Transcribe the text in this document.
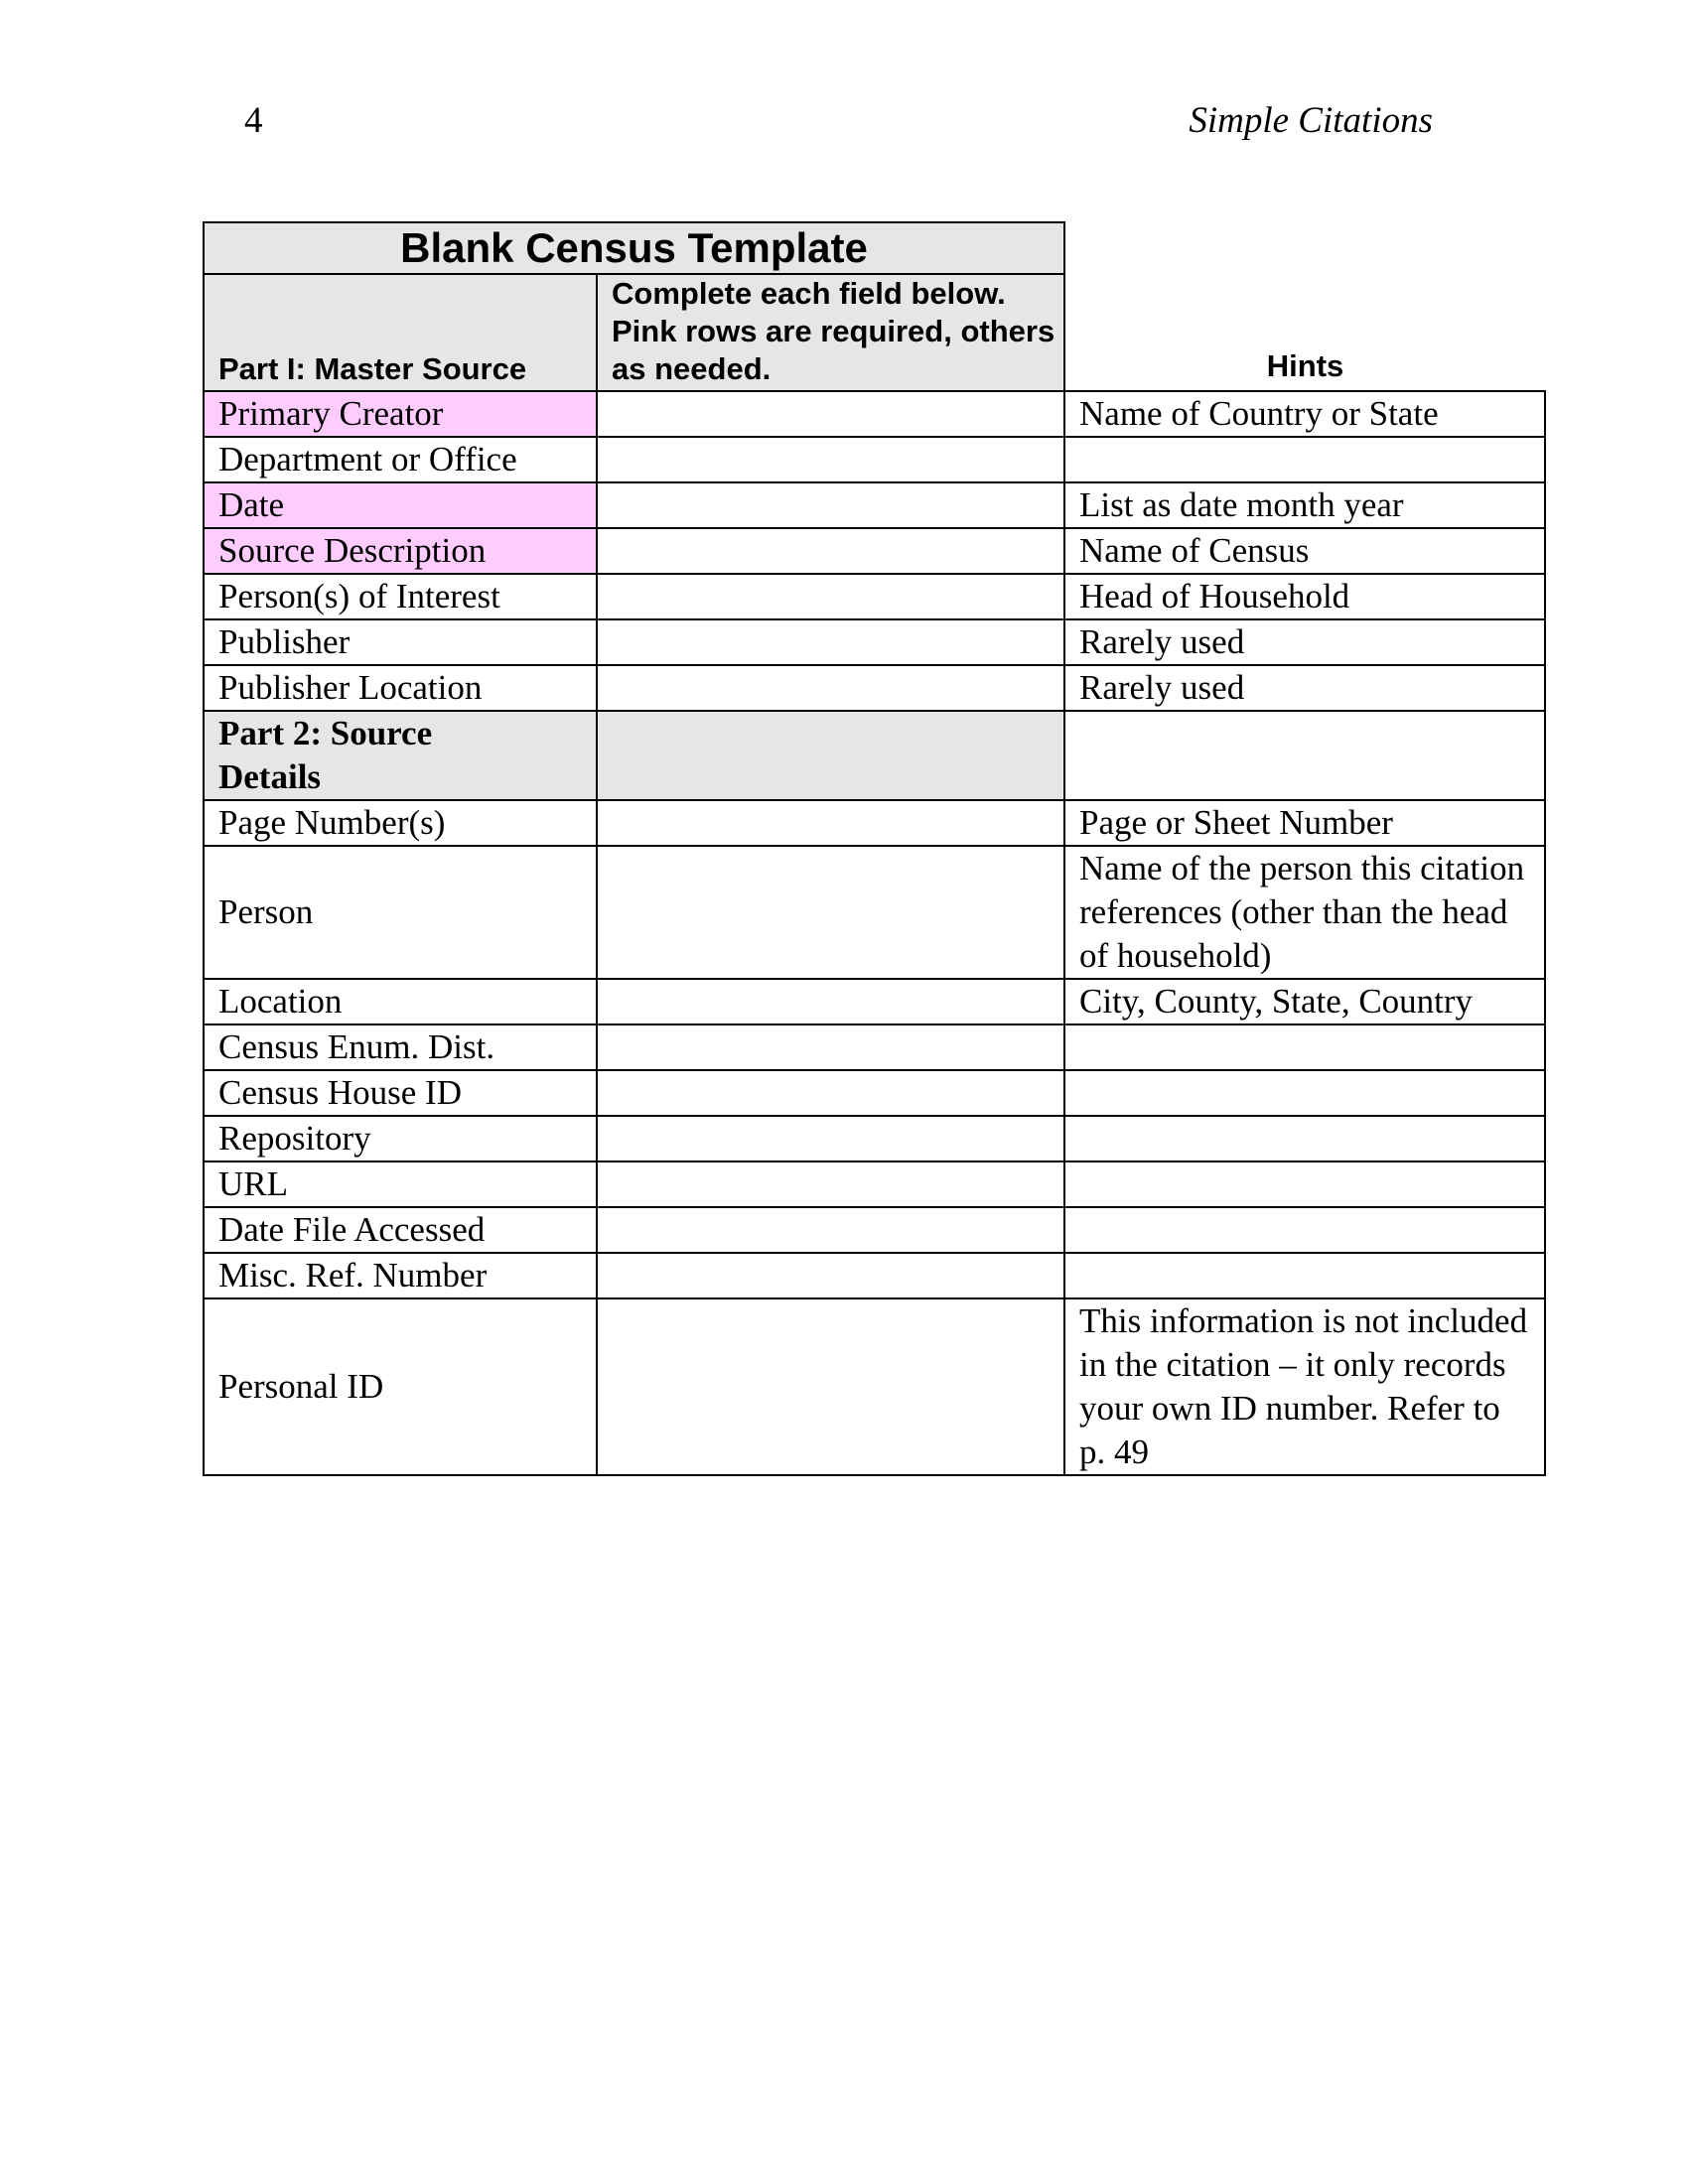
4	Simple Citations
Blank Census Template		
Part I: Master Source	Complete each field below. Pink rows are required, others as needed.	Hints
Primary Creator		Name of Country or State
Department or Office		
Date		List as date month year
Source Description		Name of Census
Person(s) of Interest		Head of Household
Publisher		Rarely used
Publisher Location		Rarely used
Part 2: Source Details		
Page Number(s)		Page or Sheet Number
Person		Name of the person this citation references (other than the head of household)
Location		City, County, State, Country
Census Enum. Dist.		
Census House ID		
Repository		
URL		
Date File Accessed		
Misc. Ref. Number		
Personal ID		This information is not included in the citation – it only records your own ID number. Refer to p. 49
